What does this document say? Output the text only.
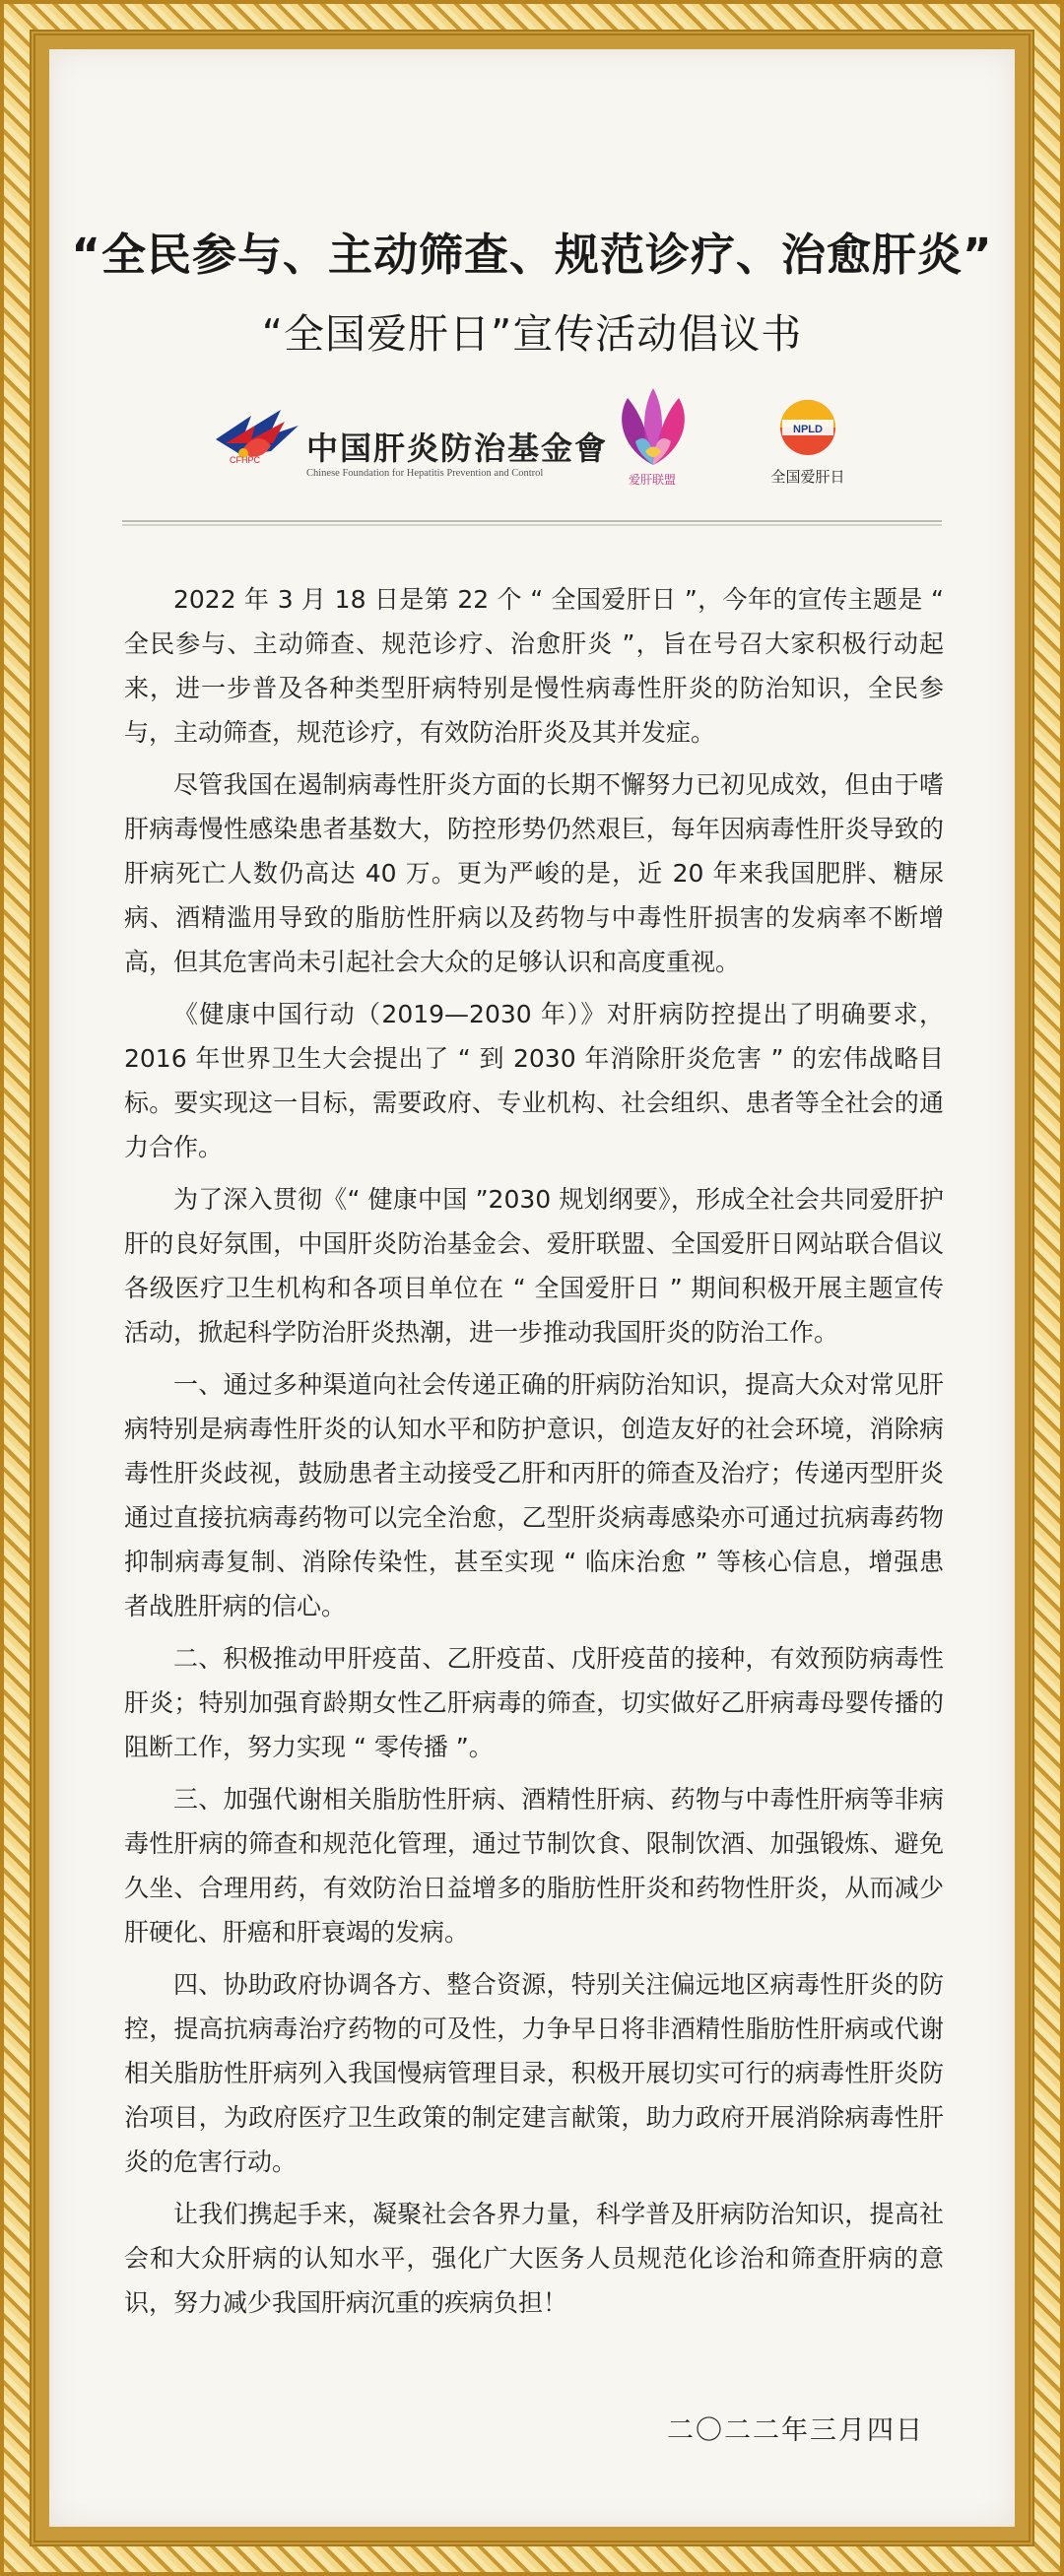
“全民参与、主动筛查、规范诊疗、治愈肝炎”
“全国爱肝日”宣传活动倡议书
CFHPC 中国肝炎防治基金會
Chinese Foundation for Hepatitis Prevention and Control	爱肝联盟
NPLD
全国爱肝日

2022 年 3 月 18 日是第 22 个 “ 全国爱肝日 ”，今年的宣传主题是 “ 全民参与、主动筛查、规范诊疗、治愈肝炎 ”，旨在号召大家积极行动起来，进一步普及各种类型肝病特别是慢性病毒性肝炎的防治知识，全民参与，主动筛查，规范诊疗，有效防治肝炎及其并发症。

尽管我国在遏制病毒性肝炎方面的长期不懈努力已初见成效，但由于嗜肝病毒慢性感染患者基数大，防控形势仍然艰巨，每年因病毒性肝炎导致的肝病死亡人数仍高达 40 万。更为严峻的是，近 20 年来我国肥胖、糖尿病、酒精滥用导致的脂肪性肝病以及药物与中毒性肝损害的发病率不断增高，但其危害尚未引起社会大众的足够认识和高度重视。

《健康中国行动（2019—2030 年）》对肝病防控提出了明确要求，2016 年世界卫生大会提出了 “ 到 2030 年消除肝炎危害 ” 的宏伟战略目标。要实现这一目标，需要政府、专业机构、社会组织、患者等全社会的通力合作。

为了深入贯彻《“ 健康中国 ”2030 规划纲要》，形成全社会共同爱肝护肝的良好氛围，中国肝炎防治基金会、爱肝联盟、全国爱肝日网站联合倡议各级医疗卫生机构和各项目单位在 “ 全国爱肝日 ” 期间积极开展主题宣传活动，掀起科学防治肝炎热潮，进一步推动我国肝炎的防治工作。

一、通过多种渠道向社会传递正确的肝病防治知识，提高大众对常见肝病特别是病毒性肝炎的认知水平和防护意识，创造友好的社会环境，消除病毒性肝炎歧视，鼓励患者主动接受乙肝和丙肝的筛查及治疗；传递丙型肝炎通过直接抗病毒药物可以完全治愈，乙型肝炎病毒感染亦可通过抗病毒药物抑制病毒复制、消除传染性，甚至实现 “ 临床治愈 ” 等核心信息，增强患者战胜肝病的信心。

二、积极推动甲肝疫苗、乙肝疫苗、戊肝疫苗的接种，有效预防病毒性肝炎；特别加强育龄期女性乙肝病毒的筛查，切实做好乙肝病毒母婴传播的阻断工作，努力实现 “ 零传播 ”。

三、加强代谢相关脂肪性肝病、酒精性肝病、药物与中毒性肝病等非病毒性肝病的筛查和规范化管理，通过节制饮食、限制饮酒、加强锻炼、避免久坐、合理用药，有效防治日益增多的脂肪性肝炎和药物性肝炎，从而减少肝硬化、肝癌和肝衰竭的发病。

四、协助政府协调各方、整合资源，特别关注偏远地区病毒性肝炎的防控，提高抗病毒治疗药物的可及性，力争早日将非酒精性脂肪性肝病或代谢相关脂肪性肝病列入我国慢病管理目录，积极开展切实可行的病毒性肝炎防治项目，为政府医疗卫生政策的制定建言献策，助力政府开展消除病毒性肝炎的危害行动。

让我们携起手来，凝聚社会各界力量，科学普及肝病防治知识，提高社会和大众肝病的认知水平，强化广大医务人员规范化诊治和筛查肝病的意识，努力减少我国肝病沉重的疾病负担！

二〇二二年三月四日
